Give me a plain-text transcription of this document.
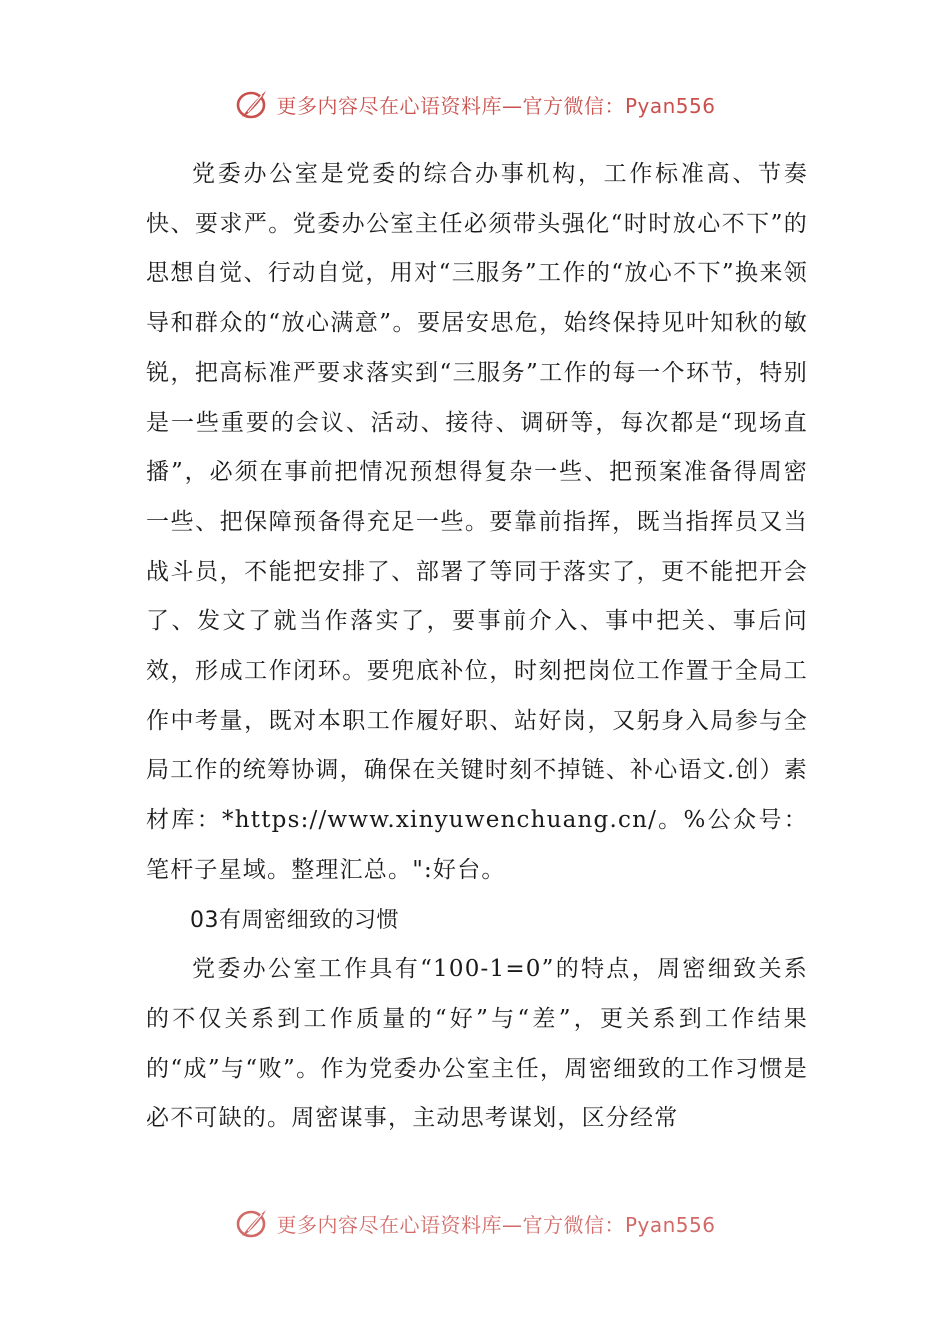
更多内容尽在心语资料库—官方微信：Pyan556

党委办公室是党委的综合办事机构，工作标准高、节奏快、要求严。党委办公室主任必须带头强化“时时放心不下”的思想自觉、行动自觉，用对“三服务”工作的“放心不下”换来领导和群众的“放心满意”。要居安思危，始终保持见叶知秋的敏锐，把高标准严要求落实到“三服务”工作的每一个环节，特别是一些重要的会议、活动、接待、调研等，每次都是“现场直播”，必须在事前把情况预想得复杂一些、把预案准备得周密一些、把保障预备得充足一些。要靠前指挥，既当指挥员又当战斗员，不能把安排了、部署了等同于落实了，更不能把开会了、发文了就当作落实了，要事前介入、事中把关、事后问效，形成工作闭环。要兜底补位，时刻把岗位工作置于全局工作中考量，既对本职工作履好职、站好岗，又躬身入局参与全局工作的统筹协调，确保在关键时刻不掉链、补心语文.创）素材库：*https://www.xinyuwenchuang.cn/。%公众号：笔杆子星域。整理汇总。":好台。

03有周密细致的习惯

党委办公室工作具有“100-1=0”的特点，周密细致关系的不仅关系到工作质量的“好”与“差”，更关系到工作结果的“成”与“败”。作为党委办公室主任，周密细致的工作习惯是必不可缺的。周密谋事，主动思考谋划，区分经常

更多内容尽在心语资料库—官方微信：Pyan556
